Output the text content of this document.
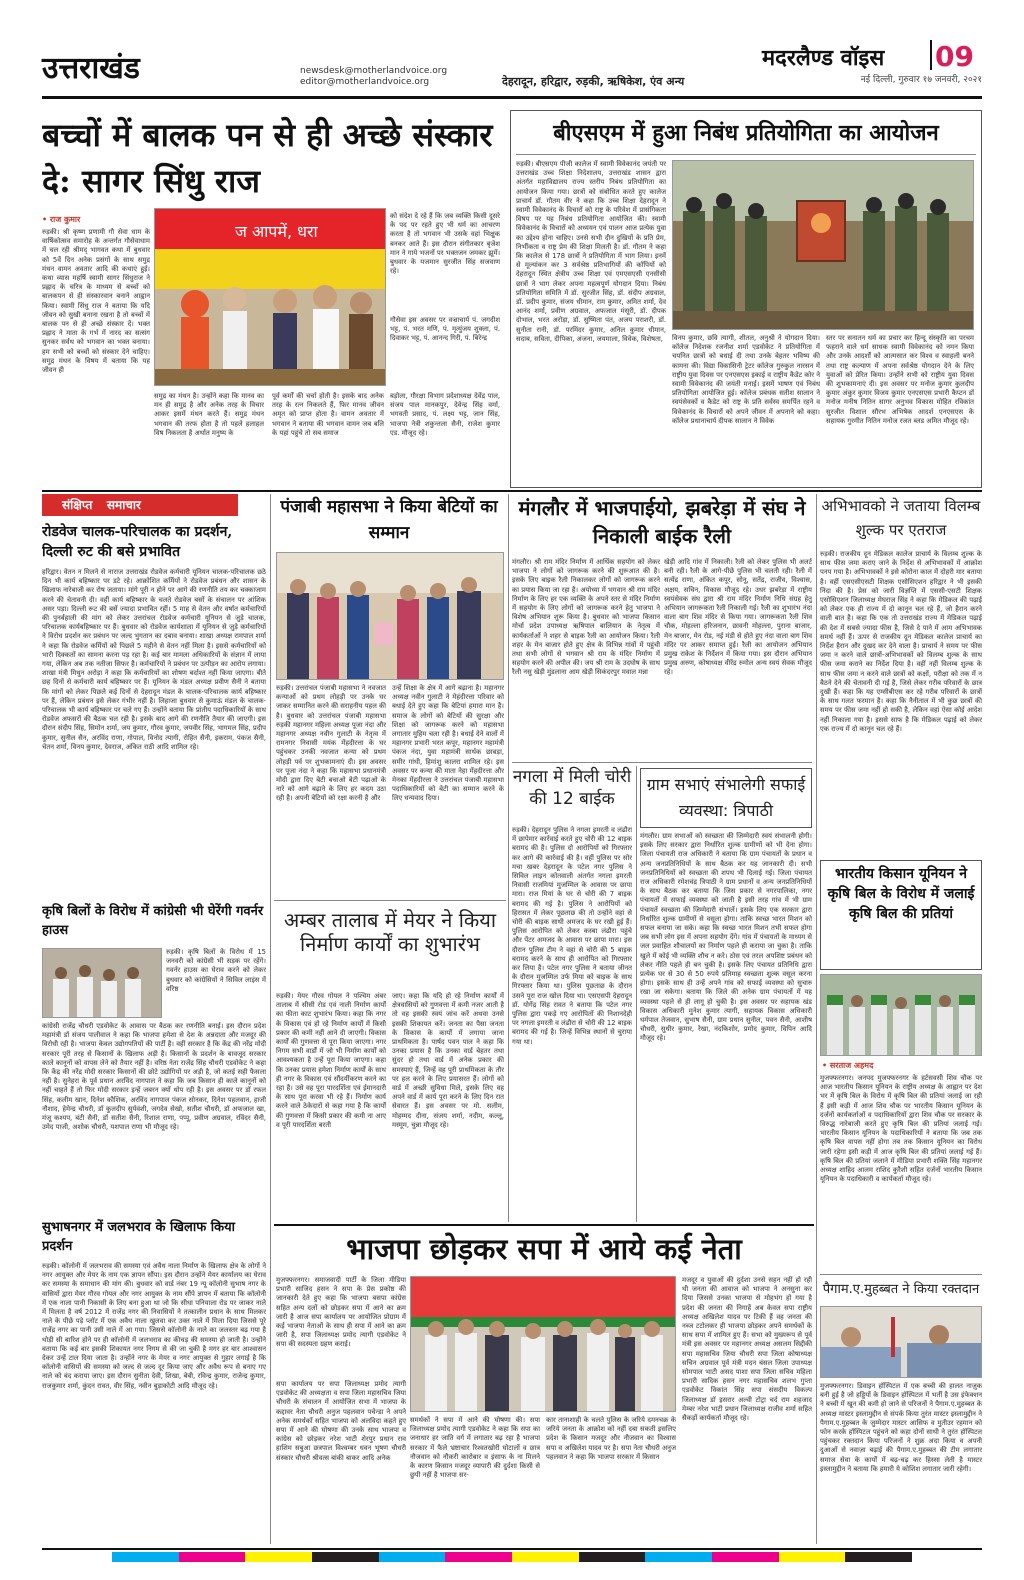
उत्तराखंड	newsdesk@motherlandvoice.org
editor@motherlandvoice.org	देहरादून, हरिद्वार, रुड़की, ऋषिकेश, एंव अन्य
मदरलैण्ड वॉइस 09
नई दिल्ली, गुरुवार १७ जनवरी, २०२१
बच्चों में बालक पन से ही अच्छे संस्कार दे: सागर सिंधु राज
• राज कुमार
रुड़की। श्री कृष्ण प्रणामी गौ सेवा धाम के वार्षिकोत्सव समारोह के अन्तर्गत गौसेवाधाम में चल रही श्रीमद् भागवत कथा में बुधवार को 5वें दिन अनेक प्रसंगों के साथ समुद्र मंथन वामन अवतार आदि की कथाएं हुई। कथा व्यास महर्षि स्वामी सागर सिंधुराज ने प्रह्लाद के चरित्र के माध्यम से बच्चों को बालकपन से ही संस्कारवान बनाने आह्वान किया। स्वामी सिंधु राज ने बताया कि यदि जीवन को सुखी बनाना रखना है तो बच्चों में बालक पन से ही अच्छे संस्कार दें। भक्त प्रह्लाद ने माता के गर्भ में नारद का सत्संग सुनकर सर्वथ को भगवान का भक्त बनाया। हम सभी को बच्चों को संस्कार देने चाहिए। समुद्र मंथन के विषय में बताया कि यह जीवन ही
ज आपमें, धरा
समुद्र का मंथन है। उन्होंने कहा कि मानव का मन ही समुद्र है और अनेक तरह के विचार आकर इसमें मंथन करते हैं। समुद्र मंथन भगवान की तरफ होता है तो पहले हलाहल विष निकलता है अर्थात मनुष्य के
पूर्व कर्मों की चर्चा होती है। इसके बाद अनेक तरह के रत्न निकलते हैं, फिर मानव जीवन अमृत को प्राप्त होता है। वामन अवतार में भगवान ने बताया की भगवान वामन जब बलि के यहां पहुंचे तो सब समाज
बड़ोला, गौरक्षा विभाग प्रदेशाध्यक्ष देवेंद्र पाल, संजय पाल मानकपुर, देवेन्द्र सिंह वर्मा, भगवती प्रसाद, पं. लक्ष्य भट्ट, जान सिंह, भाजपा नेत्री शकुन्तला सैनी, राजेश कुमार एड. मौजूद रहे।
को संदेश दे रहे हैं कि जब व्यक्ति किसी दूसरे के पद पर रहते हुए भी धर्म का आचरण करता है तो भगवान भी उसके वहां भिक्षुक बनकर आते हैं। इस दौरान संगीतकार बृजेश मान ने गाये भजनों पर भक्तजन जमकर झूमें। बुधवार के यजमान सुरजीत सिंह सजवाण रहे।
गौसेवा इस अवसर पर वज्राचार्य पं. जगदीश भट्ट, पं. भरत मणि, पं. मृत्युंजय शुक्ला, पं. दिवाकर भट्ट, पं. आनन्द गिरी, पं. बिरेन्द्र
बीएसएम में हुआ निबंध प्रतियोगिता का आयोजन
रुड़की। बीएसएम पीजी कालेज में स्वामी विवेकानंद जयंती पर उत्तराखंड उच्च शिक्षा निदेशालय, उत्तराखंड शासन द्वारा अंतर्गत महाविद्यालय राज्य स्तरीय निबंध प्रतियोगिता का आयोजन किया गया। छात्रों को संबोधित करते हुए कालेज प्राचार्य डॉ. गौतम वीर ने कहा कि उच्च शिक्षा देहरादून ने स्वामी विवेकानंद के विचारों को राष्ट्र के परिवेश में प्रासंगिकता विषय पर यह निबंध प्रतियोगिता आयोजित की। स्वामी विवेकानंद के विचारों को अध्ययन एवं पालन आज प्रत्येक युवा का उद्देश्य होना चाहिए। उनसे सभी दीन दुखियों के प्रति प्रेम, निर्भीकता व राष्ट्र प्रेम की शिक्षा मिलती है। डॉ. गौतम ने कहा कि कालेज से 178 छात्रों ने प्रतियोगिता में भाग लिया। इनमें से मूल्यांकन कर 3 सर्वश्रेष्ठ प्रतिभागियों की कॉपियों को देहरादून स्थित क्षेत्रीय उच्च शिक्षा एवं एमएसएसी एनसीसी छात्रों ने भाग लेकर अपना महत्वपूर्ण योगदान दिया। निबंध प्रतियोगिता समिति में डॉ. सुरजीत सिंह, डॉ. संदीप अग्रवाल, डॉ. प्रदीप कुमार, संजय धीमान, राम कुमार, अमित शर्मा, देव आनंद शर्मा, प्रवीण अग्रवाल, अफजाल मंसूरी, डॉ. दीपक दोभाल, भरत अरोड़ा, डॉ. सुष्मिता पंत, अजय पराशरी, डॉ. सुनीता रानी, डॉ. परमिंदर कुमार, अनिल कुमार धीमान, सदाब, सविता, दीपिका, अंजना, जयमाला, विवेक, विशेषता,	विनय कुमार, छवि त्यागी, शीतल, अनुश्री ने योगदान दिया। कॉलेज निदेशक रजनीश शर्मा एडवोकेट ने प्रतियोगिता में चयनित छात्रों को बधाई दी तथा उनके बेहतर भविष्य की कामना की। विद्या विकासिनी ट्रेटर कॉलेज गुरुकुल नारसन में राष्ट्रीय युवा दिवस पर एनएसएस इकाई व राष्ट्रीय कैडेट कोर ने स्वामी विवेकानंद की जयंती मनाई। इसमें भाषण एवं निबंध प्रतियोगिता आयोजित हुई। कॉलेज प्रबंधक सतीश सालान ने स्वयंसेवकों व कैडेट को राष्ट्र के प्रति सर्वस्व समर्पित रहने व विवेकानंद के विचारों को अपने जीवन में अपनाने को कहा। कॉलेज प्रधानाचार्य दीपक सालान ने विवेक
स्तर पर सनातन धर्म का प्रचार कर हिन्दू संस्कृति का परचम फहराने वाले धर्म साधक स्वामी विवेकानंद को नमन किया और उनके आदर्शों को आत्मसात कर विश्व व स्वाहली बनने तथा राष्ट्र कल्याण में अपना सर्वश्रेष्ठ योगदान देने के लिए युवाओं को प्रेरित किया। उन्होंने सभी को राष्ट्रीय युवा दिवस की शुभकामनाएं दी। इस अवसर पर मनोज कुमार कुलदीप कुमार अंकुर कुमार विजय कुमार एनएसएस प्रभारी कैप्टन डॉ मनोज मनीष नितिन सागर अनुभव विकास मोहित रविकांत सुरजीत विशाल सौरभ अभिषेक आदर्श एनएसएस के सहायक गुरमीत नितिन मनोज रजत ब्लड अमित मौजूद रहे।
संक्षिप्त समाचार
रोडवेज चालक-परिचालक का प्रदर्शन, दिल्ली रुट की बसे प्रभावित
हरिद्वार। वेतन न मिलने से नाराज उत्तराखंड रोडवेज कर्मचारी यूनियन चालक-परिचालक छठे दिन भी कार्य बहिष्कार पर डटे रहे। आक्रोशित कर्मियों ने रोडवेज प्रबंधन और शासन के खिलाफ नारेबाजी कर रोष जताया। मांगे पूरी न होने पर आगे की रणनीति तय कर चक्काजाम करने की चेतावनी दी। वहीं कार्य बहिष्कार के चलते रोडवेज बसों के संचालन पर आंशिक असर पड़ा। दिल्ली रूट की बसें ज्यादा प्रभावित रहीं। 5 माह से वेतन और वर्षांत कर्मचारियों की पुनर्बहाली की मांग को लेकर उत्तरांचल रोडवेज कर्मचारी यूनियन से जुड़े चालक, परिचालक कार्यबहिष्कार पर हैं। बुधवार को रोडवेज कार्यशाला में यूनियन से जुड़े कर्मचारियों ने विरोध प्रदर्शन कर प्रबंधन पर जल्द भुगतान का दबाव बनाया। शाखा अध्यक्ष रामपाल शर्मा ने कहा कि रोडवेज कर्मियों को पिछले 5 महीने से वेतन नहीं मिला है। इससे कर्मचारियों को भारी दिक्कतों का सामना करना पड़ रहा है। कई बार मामला अधिकारियों के संज्ञान में लाया गया, लेकिन अब तक नतीजा सिफर है। कर्मचारियों ने प्रबंधन पर उत्पीड़न का आरोप लगाया। शाखा मंत्री मिथुन अरोड़ा ने कहा कि कर्मचारियों का शोषण बर्दाश्त नहीं किया जाएगा। बीते छह दिनों से कर्मचारी कार्य बहिष्कार पर हैं। यूनियन के मंडल अध्यक्ष प्रवीण सैनी ने बताया कि मांगों को लेकर पिछले कई दिनों से देहरादून मंडल के चालक-परिचालक कार्य बहिष्कार पर हैं, लेकिन प्रबंधन इसे लेकर गंभीर नहीं है। लिहाजा बुधवार से कुमाऊं मंडल के चालक-परिचालक भी कार्य बहिष्कार पर चले गए हैं। उन्होंने बताया कि प्रांतीय पदाधिकारियों के साथ रोडवेज अफसरों की बैठक चल रही है। इसके बाद आगे की रणनीति तैयार की जाएगी। इस दौरान संदीप सिंह, सिमोन शर्मा, जय कुमार, गौरव कुमार, जयवीर सिंह, भागमल सिंह, प्रदीप कुमार, सुनील सैन, अरविंद राणा, गोपाल, विनोद त्यागी, रोहित सैनी, इकराम, पंकज सैनी, चेतन शर्मा, विनय कुमार, देवराज, अंकित राठी आदि शामिल रहे।
कृषि बिलों के विरोध में कांग्रेसी भी घेरेंगी गवर्नर हाउस
रुड़की। कृषि बिलों के विरोध में 15 जनवरी को कांग्रेसी भी सड़क पर रहेंगे। गवर्नर हाउस का घेराव करने को लेकर बुधवार को कांग्रेसियों ने सिविल लाइंस में वरिष्ठ
कांग्रेसी राजेंद्र चौधरी एडवोकेट के आवास पर बैठक कर रणनीति बनाई। इस दौरान प्रदेश महामंत्री डॉ संजय पालीवाल ने कहा कि भाजपा हमेशा से देश के अन्नदाता और मजदूर की विरोधी रही है। भाजपा केवल उद्योगपतियों की पार्टी है। वहीं सरकार है कि केंद्र की नरेंद्र मोदी सरकार पूरी तरह से किसानों के खिलाफ अड़ी है। किसानों के प्रदर्शन के बावजूद सरकार काले कानूनों को वापस लेने को तैयार नहीं है। वरिष्ठ नेता राजेंद्र सिंह चौधरी एडवोकेट ने कहा कि केंद्र की नरेंद्र मोदी सरकार किसानों की छोटे उद्योगियों पर अड़ी है, जो कतई सही फैसला नहीं है। सुनेहरा के पूर्व प्रधान अरविंद नागपाल ने कहा कि जब किसान ही काले कानूनों को नहीं चाहते हैं तो फिर मोदी सरकार इन्हें जबरन क्यों थोप रही है। इस अवसर पर डॉ रफल सिंह, कलीम खान, दिनेश कौशिक, अरविंद नागपाल पंकज सोनकर, दिनेश पहलवान, हाजी नौशाद, हेमेन्द्र चौधरी, डॉ कुलदीप सुर्यवंशी, जगदेव सेखो, सतीश चौधरी, डॉ अफजाल खा, मंजू कश्यप, बंटी सैनी, डॉ सतीश सैनी, रिशाल राणा, पप्पू, प्रवीण अग्रवाल, रविंदर सैनी, उमेद पाजी, अशोक चौधरी, यशपाल राणा भी मौजूद रहे।
सुभाषनगर में जलभराव के खिलाफ किया प्रदर्शन
रुड़की। कॉलोनी में जलभराव की समस्या एवं अवैध नाला निर्माण के खिलाफ क्षेत्र के लोगों ने नगर आयुक्त और मेयर के नाम एक ज्ञापन सौंपा। इस दौरान उन्होंने मेयर कार्यालय का घेराव कर समस्या के समाधान की मांग की। बुधवार को वार्ड नंबर 19 न्यू कॉलोनी सुभाष नगर के वासियों द्वारा मेयर गौरव गोयल और नगर आयुक्त के नाम सौंपे ज्ञापन में बताया कि कॉलोनी में एक नाला पानी निकासी के लिए बना हुआ था जो कि सीधा पनियाला रोड पर जाकर नाले में मिलता है वर्ष 2012 में राजेंद्र नगर की निवासियों ने तत्कालीन प्रधान के साथ मिलकर नाले के पीछे पड़े प्लॉट में एक अवैध नाला खुलवा कर उक्त नाले में मिला दिया जिससे पूरे राजेंद्र नगर का पानी उसी नाले में आ गया। जिससे कॉलोनी के नाले का जलस्तर बढ़ गया है थोड़ी सी बारिश होने पर ही कॉलोनी में जलभराव का कीचड़ की समस्या हो जाती है। उन्होंने बताया कि कई बार इसकी शिकायत नगर निगम से की जा चुकी है मगर हर बार आश्वासन देकर उन्हें टाल दिया जाता है। उन्होंने नगर के मेयर व नगर आयुक्त से गुहार लगाई है कि कॉलोनी वासियों की समस्या को जल्द से जल्द दूर किया जाए और अवैध रूप से बनाए गए नाले को बंद कराया जाए। इस दौरान सुनीता देवी, शिखा, बेबी, रविन्द्र कुमार, राजेन्द्र कुमार, राजकुमार शर्मा, कुंदन रावत, वीर सिंह, नवीन बुड़ाकोटी आदि मौजूद रहे।
पंजाबी महासभा ने किया बेटियों का सम्मान
रुड़की। उत्तरांचल पंजाबी महासभा ने नवजात कन्याओं को प्रथम लोहड़ी पर उनके घर जाकर सम्मानित करने की सराहनीय पहल की है। बुधवार को उत्तरांचल पंजाबी महासभा रुड़की महानगर महिला अध्यक्ष पूजा नंदा और महानगर अध्यक्ष नवीन गुलाटी के नेतृत्व में रामनगर निवासी मयंक मेंहदीरत्ता के घर पहुंचकर उनकी नवजात कन्या को प्रथम लोहड़ी पर्व पर शुभकामनाएं दी। इस अवसर पर पूजा नंदा ने कहा कि महासभा प्रधानमंत्री मोदी द्वारा दिए बेटी बचाओ बेटी पढ़ाओ के नारे को आगे बढ़ाने के लिए हर कदम उठा रही है। अपनी बेटियों को रक्षा करनी है और
उन्हें शिक्षा के क्षेत्र में आगे बढ़ाना है। महानगर अध्यक्ष नवीन गुलाटी ने मेहंदीरत्ता परिवार को बधाई देते हुए कहा कि बेटियां हमारा मान है। समाज के लोगों को बेटियों की सुरक्षा और शिक्षा को जागरूक करने को महासभा लगातार मुहिम चला रही है। बधाई देने वालों में महानगर प्रभारी भरत कपूर, महानगर महामंत्री पंकज नंदा, युवा महामंत्री सार्थक छाबड़ा, समीर गांधी, हिमांशु कालरा शामिल रहे। इस अवसर पर कन्या की माता नेहा मेंहदीरत्ता और मेनका मेंहदीरत्ता ने उत्तरांचल पंजाबी महासभा पदाधिकारियों को बेटी का सम्मान करने के लिए धन्यवाद दिया।
अम्बर तालाब में मेयर ने किया निर्माण कार्यों का शुभारंभ
रुड़की। मेयर गौरव गोयल ने पश्चिम अंबर तालाब में सीसी रोड एवं नाली निर्माण कार्यों का फीता काट शुभारंभ किया। कहा कि नगर के विकास एवं हो रहे निर्माण कार्यों में किसी प्रकार की कमी नहीं आने दी जाएगी। विकास कार्यों की गुणवत्ता से पूरा किया जाएगा। नगर निगम सभी वार्डों में जो भी निर्माण कार्यों को आवश्यकता है उन्हें पूरा किया जाएगा। कहा कि उनका प्रयास हमेशा निर्माण कार्यों के साथ ही नगर के विकास एवं सौंदर्यीकरण करने का रहा है। उसे वह पूरा पारदर्शिता एवं ईमानदारी के साथ पूरा करवा भी रहे हैं। निर्माण कार्य करने वाले ठेकेदारों से कहा गया है कि कार्यों की गुणवत्ता में किसी प्रकार की कमी ना आए व पूरी पारदर्शिता बरती
जाए। कहा कि यदि हो रहे निर्माण कार्यों में क्षेत्रवासियों को गुणवत्ता में कमी नजर आती है तो वह इसकी स्वयं जांच करें अथवा उनसे इसकी शिकायत करें। जनता का पैसा जनता के विकास के कार्यों में लगाया जाना प्राथमिकता है। पार्षद पवन पाल ने कहा कि उनका प्रयास है कि उनका वार्ड बेहतर तथा सुंदर हो तथा वार्ड में अनेक प्रकार की समस्याएं हैं, जिन्हें वह पूरी प्राथमिकता के तौर पर हल करने के लिए प्रयासरत हैं। लोगों को वार्ड में अच्छी सुविधा मिले, इसके लिए वह अपने वार्ड में कार्य पूरा करने के लिए दिन रात सेवारत हैं। इस अवसर पर मो. सलीम, मोहम्मद दीना, संजय शर्मा, नदीम, कल्लू, मस्मूम, चुन्ना मौजूद रहे।
मंगलौर में भाजपाईयो, झबरेड़ा में संघ ने निकाली बाईक रैली
मंगलौर। श्री राम मंदिर निर्माण में आर्थिक सहयोग को लेकर भाजपा ने लोगों को जागरूक करने की शुरूआत की है। इसके लिए बाइक रैली निकालकर लोगों को जागरूक करने का प्रयास किया जा रहा है। अयोध्या में भगवान श्री राम मंदिर निर्माण के लिए हर एक व्यक्ति के अपने स्तर से मंदिर निर्माण में सहयोग के लिए लोगों को जागरूक करने हेतु भाजपा ने विशेष अभियान शुरू किया है। बुधवार को भाजपा किसान मोर्चा प्रदेश उपाध्यक्ष ऋषिपाल बालियान के नेतृत्व में कार्यकर्ताओं ने शहर से बाइक रैली का आयोजन किया। रैली शहर के मेन बाजार होते हुए क्षेत्र के विभिन्न गांवों में पहुंची तथा सभी लोगों से भगवान श्री राम के मंदिर निर्माण में सहयोग करने की अपील की। जय श्री राम के उदघोष के साथ रैली नसु खेड़ी मुंडलाना आम खेड़ी सिकंदरपुर मवाल मन्ना
खेड़ी आदि गांव में निकाली। रैली को लेकर पुलिस भी अलर्ट बनी रही। रैली के आगे-पीछे पुलिस भी चलती रही। रैली में सत्येंद्र राणा, अंकित कपूर, सोनू, सतेंद्र, राजीव, विश्वास, अक्षय, सचिन, विकास मौजूद रहे। उधर झबरेड़ा में राष्ट्रीय स्वयंसेवक संघ द्वारा श्री राम मंदिर निर्माण निधि संग्रह हेतु अभियान जागरूकता रैली निकाली गई। रैली का शुभारंभ नंदा वाला बाग शिव मंदिर से किया गया। जागरूकता रैली शिव चौक, मोहल्ला हरिजनान, छावनी मोहल्ला, पुराना बाजार, मेन बाजार, मेन रोड, नई मंडी से होते हुए नंदा वाला बाग शिव मंदिर पर आकर समाप्त हुई। रैली का आयोजन अभियान प्रमुख राकेश के निर्देशन में किया गया। इस दौरान अभियान प्रमुख अरुण, कोषाध्यक्ष वीरेंद्र रुमोल अन्य स्वयं सेवक मौजूद रहे।
नगला में मिली चोरी की 12 बाईक
रुड़की। देहरादून पुलिस ने नगला इमरती व लंढौरा में छापेमार कार्रवाई करते हुए चोरी की 12 बाइक बरामद की है। पुलिस दो आरोपियों को गिरफ्तार कर आगे की कार्रवाई की है। वहीं पुलिस पर सोर मचा खबर देहरादून के पटेल नगर पुलिस ने सिविल लाइन कोतवाली अंतर्गत नगला इमरती निवासी राजमियां मुजम्मिल के आवास पर छापा मारा। राज मियां के घर से चोरी की 7 बाइक बरामद की गई है। पुलिस ने आरोपियों को हिरासत में लेकर पूछताछ की तो उन्होंने वहां से चोरी की बाइक साथी अमजद के घर रखी हुई हैं। पुलिस आरोपित को लेकर कस्बा लंढौरा पहुंचे और पेंटर अमजद के आवास पर छापा मारा। इस दौरान पुलिस टीम ने वहां से चोरी की 5 बाइक बरामद करने के साथ ही आरोपित को गिरफ्तार कर लिया है। पटेल नगर पुलिस ने बताया जीनत के दौरान मुजम्मिल उर्फ मिया को बाइक के साथ गिरफ्तार किया था। पुलिस पूछताछ के दौरान उसने पूरा राज खोल दिया था। एसएसपी देहरादून डॉ. योगेंद्र सिंह रावत ने बताया कि पटेल नगर पुलिस द्वारा पकड़े गए आरोपितों की निशानदेही पर नगला इमरती व लंढौरा से चोरी की 12 बाइक बरामद की गई है। जिन्हें विभिन्न स्थानों से चुराया गया था।
ग्राम सभाएं संभालेगी सफाई व्यवस्था: त्रिपाठी
मंगलौर। ग्राम सभाओं को स्वच्छता की जिम्मेदारी स्वयं संभालनी होगी। इसके लिए सरकार द्वारा निर्धारित शुल्क ग्रामीणों को भी देना होगा। जिला पंचायती राज अधिकारी ने बताया कि ग्राम पंचायतों के प्रधान व अन्य जनप्रतिनिधियों के साथ बैठक कर यह जानकारी दी। सभी जनप्रतिनिधियों को स्वच्छता की शपथ भी दिलाई गई। जिला पंचायत राज अधिकारी रमेशचंद्र त्रिपाठी ने ग्राम प्रधानों व अन्य जनप्रतिनिधियों के साथ बैठक कर बताया कि जिस प्रकार से नगरपालिका, नगर पंचायतों में सफाई व्यवस्था को जाती है इसी तरह गांव में भी ग्राम पंचायतें स्वच्छता की जिम्मेदारी संभालें। इसके लिए एक सरकार द्वारा निर्धारित शुल्क ग्रामीणों से वसूला होगा। ताकि स्वच्छ भारत मिशन को सफल बनाया जा सके। कहा कि स्वच्छ भारत मिशन तभी सफल होगा जब सभी लोग इस में अपना सहयोग देंगे। गांव में पंचायतों के माध्यम से जल प्रवाहित शौचालयों का निर्माण पहले ही कराया जा चुका है। ताकि खुले में कोई भी व्यक्ति शौच न करे। ठोस एवं तरल अपशिष्ट प्रबंधन को लेकर नीति पहले ही बन चुकी है। इसके लिए पंचायत प्रतिनिधि द्वारा प्रत्येक घर से 30 से 50 रुपये प्रतिमाह स्वच्छता शुल्क वसूल करना होगा। इसके साथ ही उन्हें अपने गांव को सफाई व्यवस्था को सुचारु रखा जा सकेगा। बताया कि जिले की अनेक ग्राम पंचायतों में यह व्यवस्था पहले से ही लागू हो चुकी है। इस अवसर पर सहायक खंड विकास अधिकारी मुनेश कुमार त्यागी, सहायक विकास अधिकारी धर्मपाल तेजवान, सुभाष सैनी, ग्राम प्रधान सुनील, पवन सैनी, आशीष चौधरी, सुधीर कुमार, रेखा, नंदकिशोर, प्रमोद कुमार, विपिन आदि मौजूद रहे।
अभिभावको ने जताया विलम्ब शुल्क पर एतराज
रुड़की। राजकीय दून मेडिकल कालेज प्राचार्य के विलम्ब शुल्क के साथ फीस जमा कराए जाने के निर्देश से अभिभावकों में आक्रोश पनप गया है। अभिभावकों ने इसे कोरोना काल में दोहरी मार बताया है। वहीं एसएसीएसटी शिक्षक एसोसिएशन हरिद्वार ने भी इसकी निंदा की है। प्रेस को जारी विज्ञप्ति में एससी-एसटी शिक्षक एसोसिएशन जिलाध्यक्ष मेघराज सिंह ने कहा कि मेडिकल की पढ़ाई को लेकर एक ही राज्य में दो कानून चल रहे हैं, जो हैरान करने वाली बात है। कहा कि एक तो उत्तराखंड राज्य में मेडिकल पढ़ाई की देश में सबसे ज्यादा फीस है, जिसे दे पाने में आम अभिभावक समर्थ नहीं हैं। ऊपर से राजकीय दून मेडिकल कालेज प्राचार्य का निर्देश हैरान और दुखद कर देने वाला है। प्राचार्य ने समय पर फीस जमा न करने वाले छात्रों-अभिभावकों को विलम्ब शुल्क के साथ फीस जमा कराने का निर्देश दिया है। वहीं नहीं विलम्ब शुल्क के साथ फीस जमा न करने वाले छात्रों को कक्षों, परीक्षा को तक में न बैठने देने की चेतावनी दी गई है, जिसे लेकर गरीब परिवारों के छात्र दुखी हैं। कहा कि यह एम्सीबीएस कर रहे गरीब परिवारों के छात्रों के साथ गलत फरमान है। कहा कि नैनीताल में भी कुछ छात्रों की समय पर फीस जमा नहीं हो सकी है, लेकिन वहां ऐसा कोई आदेश नहीं निकाला गया है। इससे साफ है कि मेडिकल पढ़ाई को लेकर एक राज्य में दो कानून चल रहे हैं।
भारतीय किसान यूनियन ने कृषि बिल के विरोध में जलाई कृषि बिल की प्रतियां
• सरताज अहमद
मुजफ्फरनगर। जनपद मुजफ्फरनगर के हर्टसवसी शिव चौक पर आज भारतीय किसान यूनियन के राष्ट्रीय अध्यक्ष के आह्वान पर देश भर में कृषि बिल के विरोध में कृषि बिल की प्रतियां जलाई जा रही हैं इसी कड़ी में आज शिव चौक पर भारतीय किसान यूनियन के दर्जनों कार्यकर्ताओं व पदाधिकारियों द्वारा शिव चौक पर सरकार के विरुद्ध नारेबाजी करते हुए कृषि बिल की प्रतियां जलाई गई। भारतीय किसान यूनियन के पदाधिकारियों ने बताया कि जब तक कृषि बिल वापस नहीं होगा तब तक किसान यूनियन का विरोध जारी रहेगा इसी कड़ी में आज कृषि बिल की प्रतियां जलाई गई हैं। कृषि बिल की प्रतियां जलाने में मीडिया प्रभारी शक्ति सिंह महानगर अध्यक्ष शाहिद आलम राशिद कुरैशी सहित दर्जनों भारतीय किसान यूनियन के पदाधिकारी व कार्यकर्ता मौजूद रहे।
पैगाम.ए.मुहब्बत ने किया रक्तदान
मुजफ्फरनगर। डिवाइन हॉस्पिटल में एक बच्ची की हालत नाज़ुक बनी हुई है जो हड्डियों के डिवाइन हॉस्पिटल में भर्ती है उस इंफेक्शन ने बच्ची में खून की कमी हो जाने से परिजनों ने पैगाम.ए.मुहब्बत के अध्यक्ष मास्टर इस्लामुद्दीन से संपर्क किया तुरंत मास्टर इस्लामुद्दीन ने पैगाम.ए.मुहब्बत के जुम्मेदार मास्टर आसिफ व मुतीउर रहमान को फोन करके हॉस्पिटल पहुंचने को कहा दोनों साथी ने तुरंत हॉस्पिटल पहुंचकर रक्तदान किया परिजनों ने शुक्र अदा किया व अपनी दुआओं से नवाज़ा बढ़ाई की पैगाम.ए.मुहब्बत की टीम लगातार समाज सेवा के कार्यों में बढ़-चढ़ कर हिस्सा लेती है मास्टर इस्लामुद्दीन ने बताया कि हमारी ये कोशिश लगातार जारी रहेगी।
भाजपा छोड़कर सपा में आये कई नेता
मुजफ्फरनगर। समाजवादी पार्टी के जिला मीडिया प्रभारी साजिद हसन ने सपा के प्रेस प्रकोष्ठ की जानकारी देते हुए कहा कि भाजपा बसपा कांग्रेस सहित अन्य दलों को छोड़कर सपा में आने का क्रम जारी है आज सपा कार्यालय पर आयोजित प्रोग्राम में कई भाजपा नेताओं के साथ ही सपा में आने का क्रम जारी है, सपा जिलाध्यक्ष प्रमोद त्यागी एडवोकेट ने सपा की सदस्यता ग्रहण कराई।
सपा कार्यालय पर सपा जिलाध्यक्ष प्रमोद त्यागी एडवोकेट की अध्यक्षता व सपा जिला महासचिव जिया चौधरी के संचालन में आयोजित सभा में भाजपा के कद्दावर नेता चौधरी अनुज पहलवान पचेन्डा ने अपने अनेक समर्थकों सहित भाजपा को अलविदा कहते हुए सपा में आने की घोषणा की उनके साथ भाजपा व कांग्रेस को छोड़कर नरेश भाटी शेरपुर प्रधान राव हाशिम सबुआ छत्रपाल विश्वम्बर धवन भूषण चौधरी संस्कार चौधरी श्रीवत्स बांकी बाकर आदि अनेक
समर्थकों ने सपा में आने की घोषणा की। सपा जिलाध्यक्ष प्रमोद त्यागी एडवोकेट ने कहा कि सपा का जनाधार हर जाति वर्ग में लगातार बढ़ रहा है भाजपा सरकार में फैले भ्रष्टाचार रिश्वतखोरी घोटालों व छात्र नौजवान को नौकरी कारोबार व इंसाफ के ना मिलने के कारण किसान मजदूर व्यापारी की दुर्दशा किसी से छुपी नहीं है भाजपा सर-
कार तानाशाही के चलते पुलिस के जरिये दमनचक्र के जरिये जनता के आक्रोश को नहीं दबा सकती इसलिए प्रदेश के किसान मजदूर और नौजवान का विश्वास सपा व अखिलेश यादव पर है। सपा नेता चौधरी अनुज पहलवान ने कहा कि भाजपा सरकार में किसान
मजदूर व युवाओं की दुर्दशा उनसे सहन नहीं हो रही थी जनता की आवाज को भाजपा ने अनसुना कर दिया जिससे उनका भाजपा से मोहभंग हो गया है प्रदेश की जनता की निगाहें अब केवल सपा राष्ट्रीय अध्यक्ष अखिलेश यादव पर टिकी हैं वह जनता की नब्ज टटोलकर ही भाजपा छोड़कर अपने समर्थकों के साथ सपा में शामिल हुए हैं। सभा को मुख्यरूप से पूर्व मंत्री इस अवसर पर महानगर अध्यक्ष असलम सिद्दीकी सपा महासचिव जिया चौधरी सपा जिला कोषाध्यक्ष सचिन अग्रवाल पूर्व मंत्री मदन बंसल जिला उपाध्यक्ष सोमपाल भाटी असद पाशा सपा जिला सचिव महिला प्रभारी सादिक हसन नगर महासचिव शलभ गुप्ता एडवोकेट विकांत सिंह सपा संसदीय विकल्प जिलाध्यक्ष डॉ इसरार अल्वी टोट्रा चर्द राम शहजाद मेम्बर नरेश भाटी प्रधान जिलाध्यक्ष राजीव शर्मा सहित सैकड़ों कार्यकर्ता मौजूद रहे।
